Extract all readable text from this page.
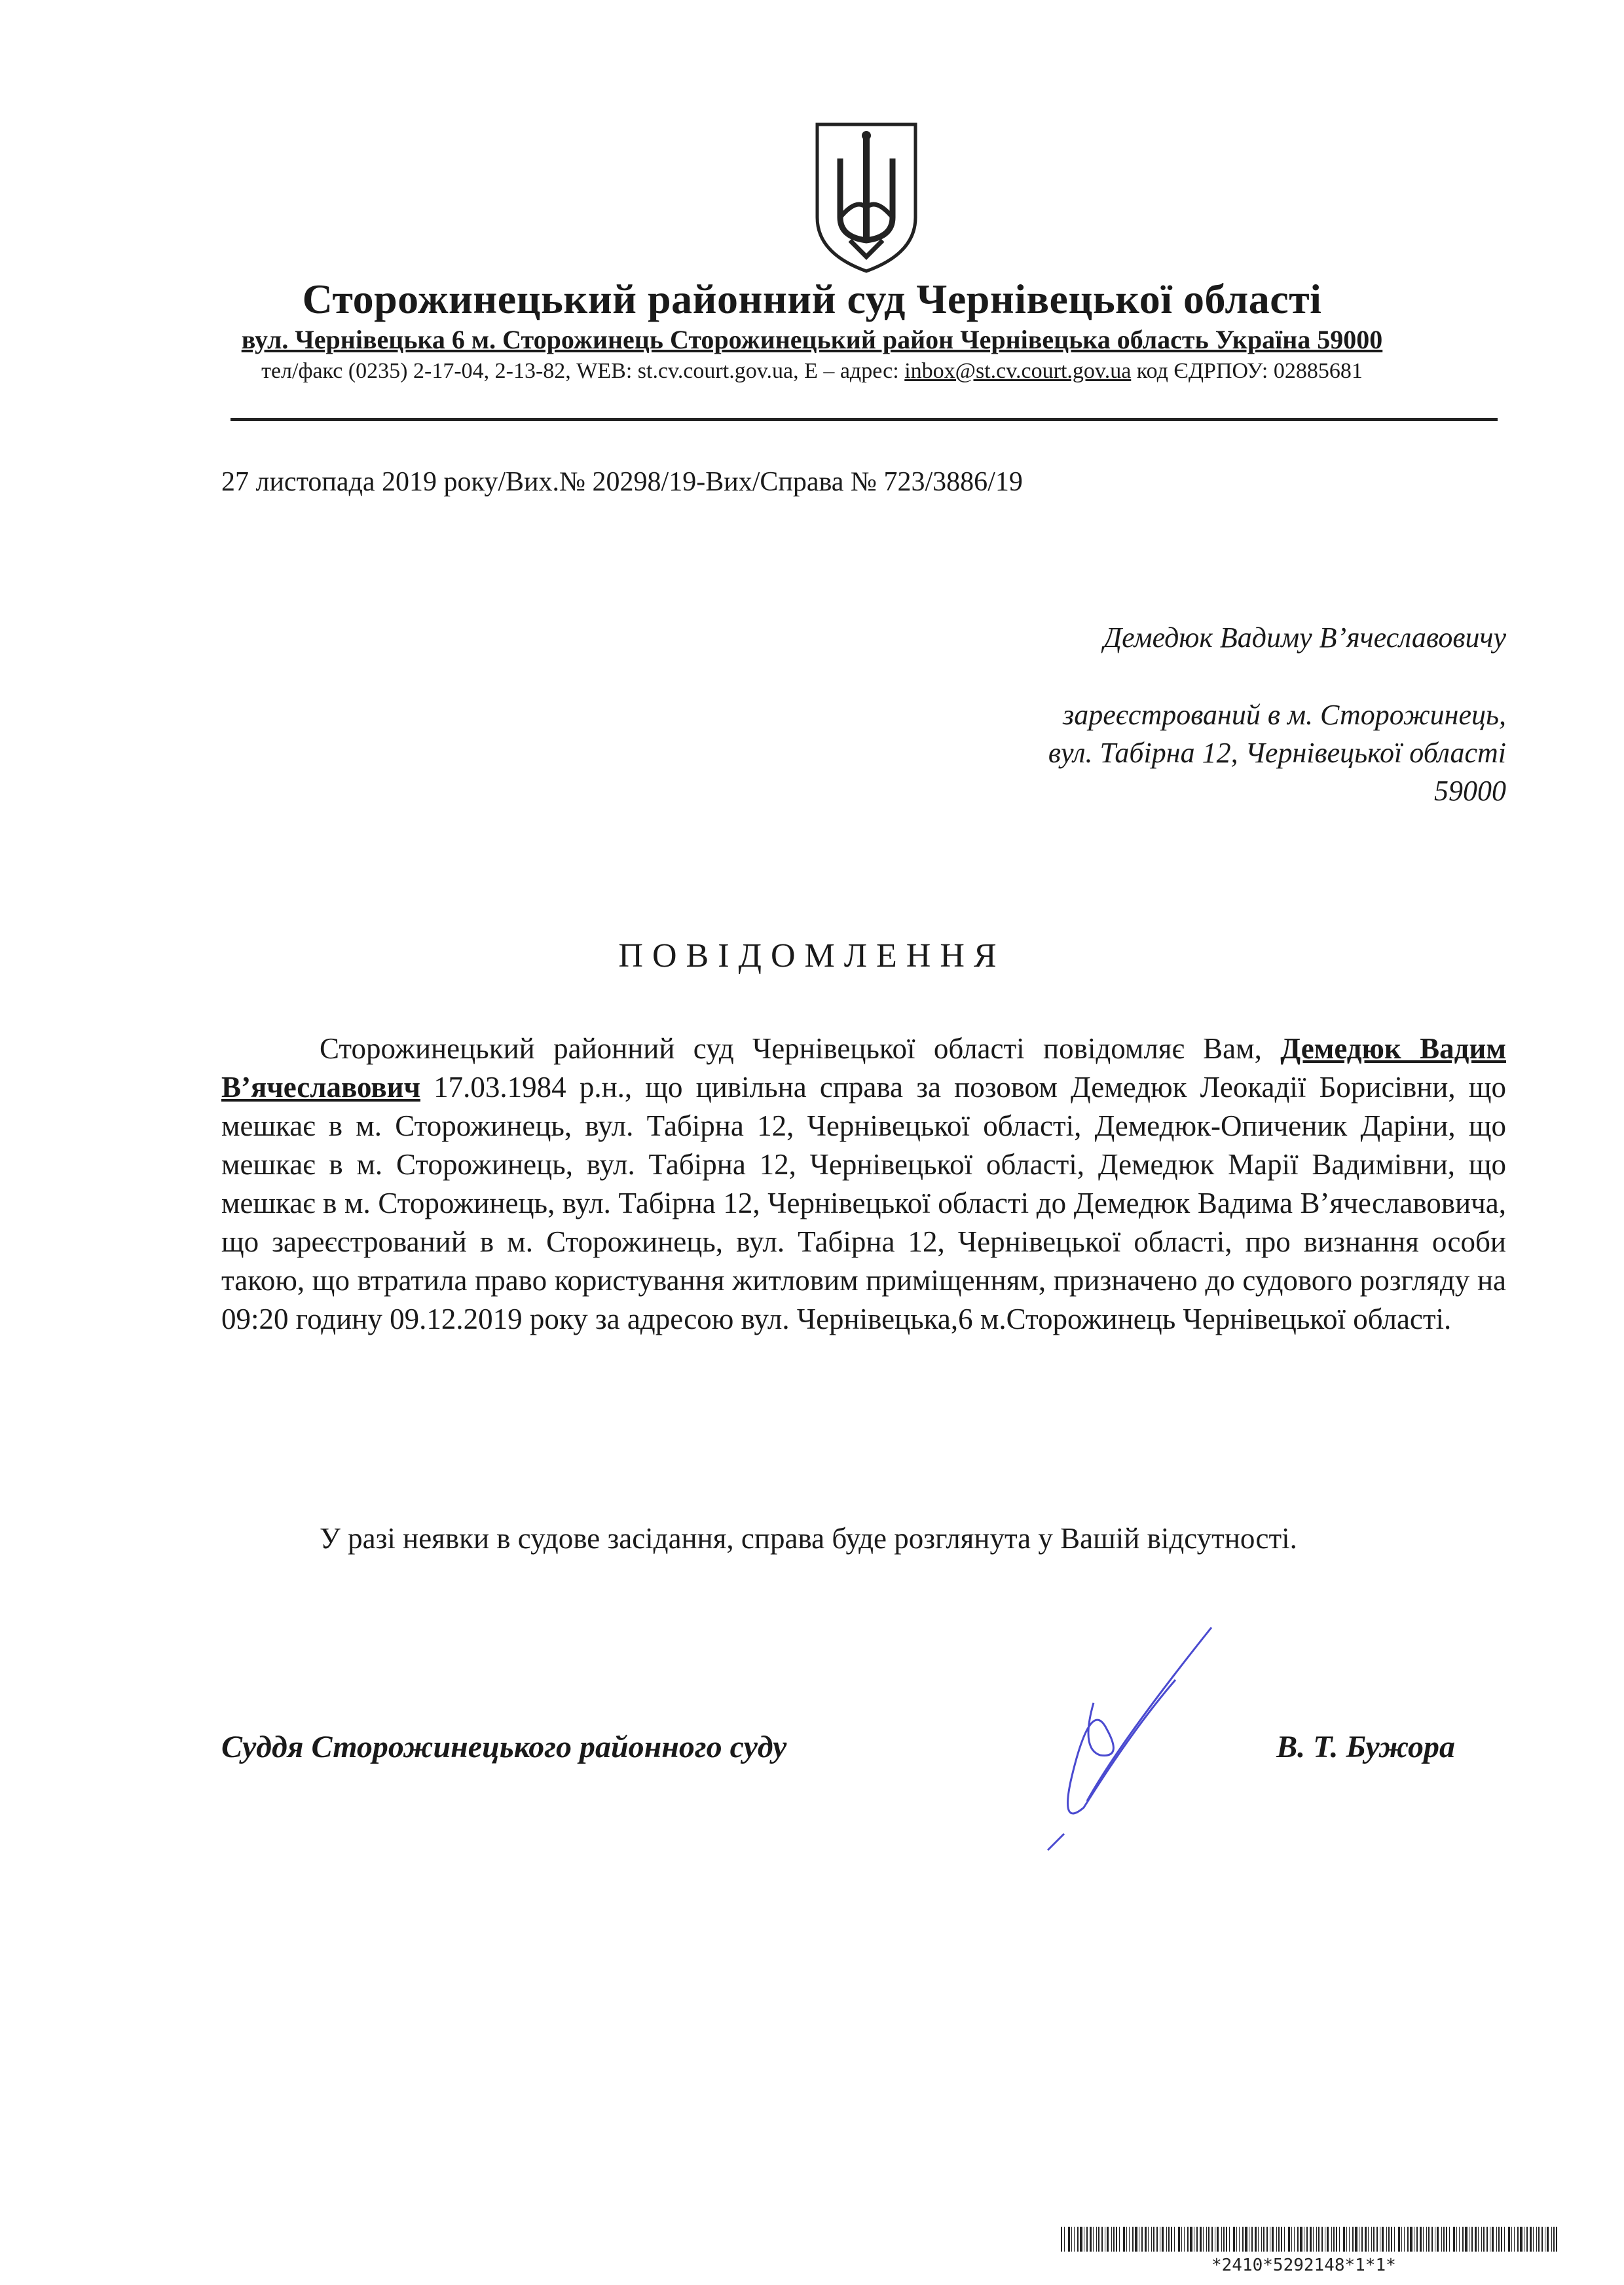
Сторожинецький районний суд Чернівецької області
вул. Чернівецька 6 м. Сторожинець Сторожинецький район Чернівецька область Україна 59000
тел/факс (0235) 2-17-04, 2-13-82, WEB: st.cv.court.gov.ua, Е – адрес: inbox@st.cv.court.gov.ua код ЄДРПОУ: 02885681
27 листопада 2019 року/Вих.№ 20298/19-Вих/Справа № 723/3886/19
Демедюк Вадиму В’ячеславовичу
зареєстрований в м. Сторожинець,
вул. Табірна 12, Чернівецької області
59000
ПОВІДОМЛЕННЯ
Сторожинецький районний суд Чернівецької області повідомляє Вам, Демедюк Вадим В’ячеславович 17.03.1984 р.н., що цивільна справа за позовом Демедюк Леокадії Борисівни, що мешкає в м. Сторожинець, вул. Табірна 12, Чернівецької області, Демедюк-Опиченик Даріни, що мешкає в м. Сторожинець, вул. Табірна 12, Чернівецької області, Демедюк Марії Вадимівни, що мешкає в м. Сторожинець, вул. Табірна 12, Чернівецької області до Демедюк Вадима В’ячеславовича, що зареєстрований в м. Сторожинець, вул. Табірна 12, Чернівецької області, про визнання особи такою, що втратила право користування житловим приміщенням, призначено до судового розгляду на 09:20 годину 09.12.2019 року за адресою вул. Чернівецька,6 м.Сторожинець Чернівецької області.
У разі неявки в судове засідання, справа буде розглянута у Вашій відсутності.
Суддя Сторожинецького районного суду	В. Т. Бужора
*2410*5292148*1*1*
